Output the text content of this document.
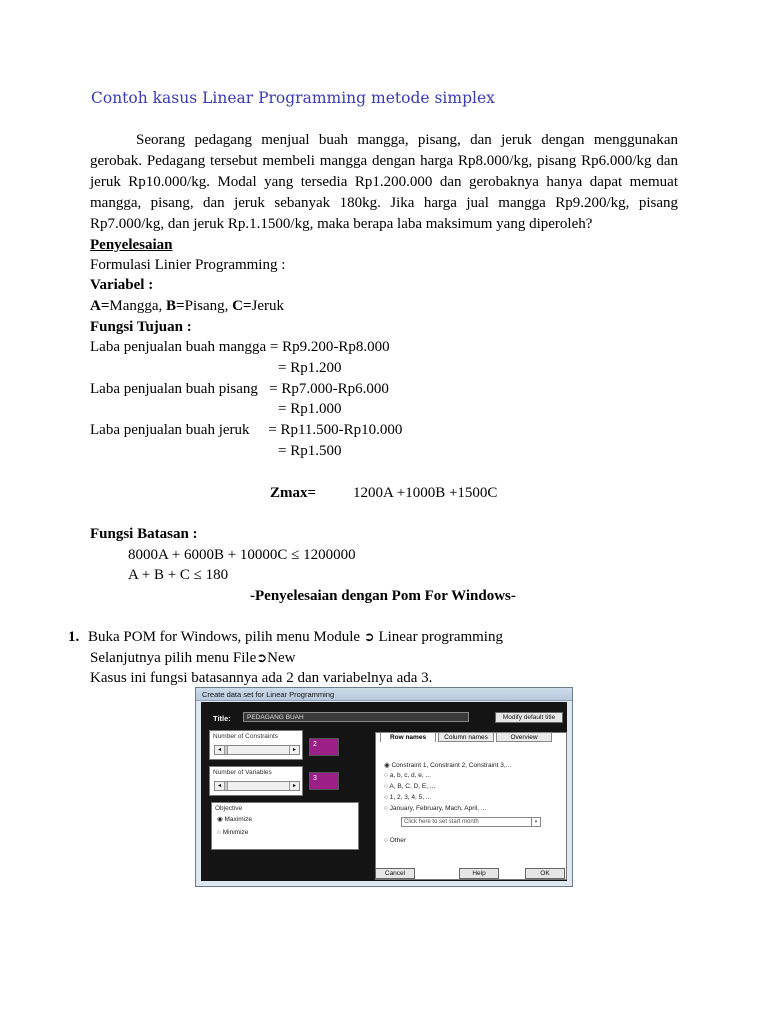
Contoh kasus Linear Programming metode simplex
Seorang pedagang menjual buah mangga, pisang, dan jeruk dengan menggunakan
gerobak. Pedagang tersebut membeli mangga dengan harga Rp8.000/kg, pisang Rp6.000/kg dan
jeruk Rp10.000/kg. Modal yang tersedia Rp1.200.000 dan gerobaknya hanya dapat memuat
mangga, pisang, dan jeruk sebanyak 180kg. Jika harga jual mangga Rp9.200/kg, pisang
Rp7.000/kg, dan jeruk Rp.1.1500/kg, maka berapa laba maksimum yang diperoleh?
Penyelesaian
Formulasi Linier Programming :
Variabel :
A=Mangga, B=Pisang, C=Jeruk
Fungsi Tujuan :
Laba penjualan buah mangga = Rp9.200-Rp8.000
= Rp1.200
Laba penjualan buah pisang   = Rp7.000-Rp6.000
= Rp1.000
Laba penjualan buah jeruk     = Rp11.500-Rp10.000
= Rp1.500
Zmax= 1200A +1000B +1500C
Fungsi Batasan :
8000A + 6000B + 10000C ≤ 1200000
A + B + C ≤ 180
-Penyelesaian dengan Pom For Windows-
1. Buka POM for Windows, pilih menu Module ➲ Linear programming
Selanjutnya pilih menu File➲New
Kasus ini fungsi batasannya ada 2 dan variabelnya ada 3.
Create data set for Linear Programming
Title:	PEDAGANG BUAH	Modify default title
Number of Constraints
◂	▸
2
Number of Variables
◂	▸
3
Objective
◉ Maximize
○ Minimize
Row names	Column names	Overview
◉ Constraint 1, Constraint 2, Constraint 3,...
○ a, b, c, d, e, ...
○ A, B, C, D, E, ...
○ 1, 2, 3, 4, 5, ...
○ January, February, Mach, April, ...
Click here to set start month	▾
○ Other
Cancel	Help	OK
